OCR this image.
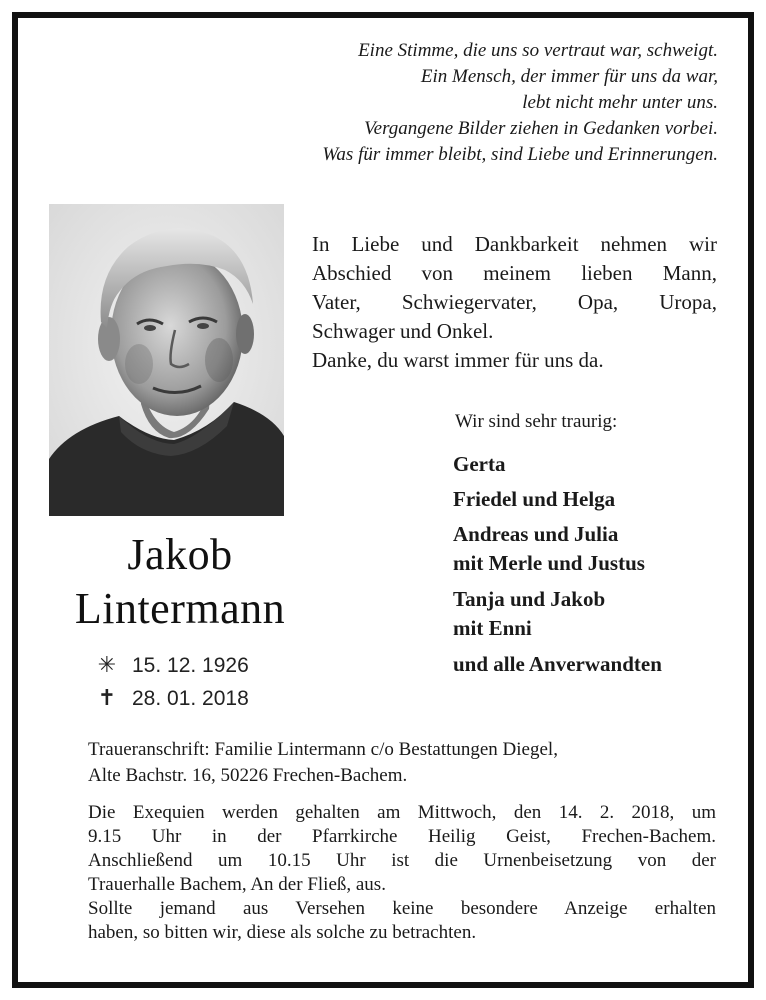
Eine Stimme, die uns so vertraut war, schweigt.
Ein Mensch, der immer für uns da war,
lebt nicht mehr unter uns.
Vergangene Bilder ziehen in Gedanken vorbei.
Was für immer bleibt, sind Liebe und Erinnerungen.
In Liebe und Dankbarkeit nehmen wir
Abschied von meinem lieben Mann,
Vater, Schwiegervater, Opa, Uropa,
Schwager und Onkel.
Danke, du warst immer für uns da.
Jakob
Lintermann
✳ 15. 12. 1926
✝ 28. 01. 2018
Wir sind sehr traurig:
Gerta
Friedel und Helga
Andreas und Julia
mit Merle und Justus
Tanja und Jakob
mit Enni
und alle Anverwandten
Traueranschrift: Familie Lintermann c/o Bestattungen Diegel,
Alte Bachstr. 16, 50226 Frechen-Bachem.
Die Exequien werden gehalten am Mittwoch, den 14. 2. 2018, um
9.15 Uhr in der Pfarrkirche Heilig Geist, Frechen-Bachem.
Anschließend um 10.15 Uhr ist die Urnenbeisetzung von der
Trauerhalle Bachem, An der Fließ, aus.
Sollte jemand aus Versehen keine besondere Anzeige erhalten
haben, so bitten wir, diese als solche zu betrachten.
